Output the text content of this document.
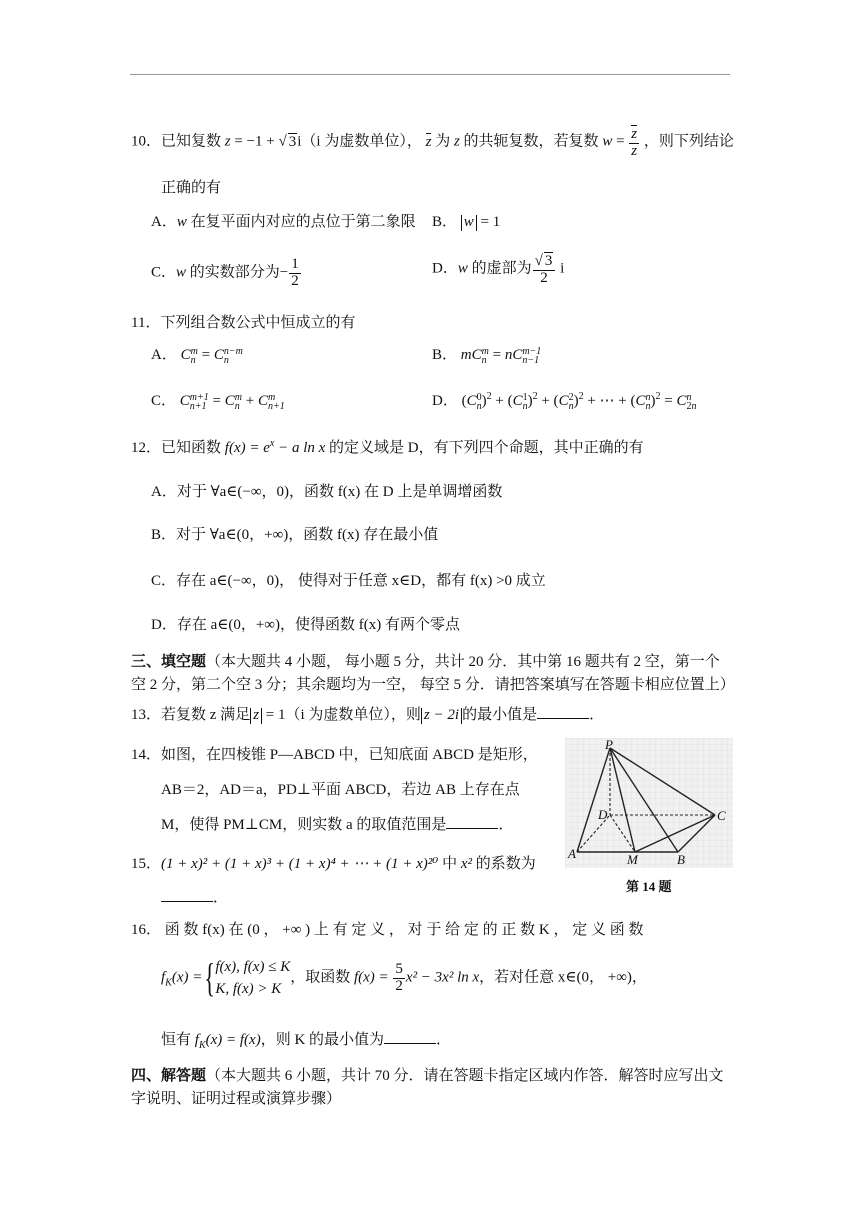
10．已知复数 z = −1 + √ 3i（i 为虚数单位）， z 为 z 的共轭复数，若复数 $w = \frac{z}{z}$ ，则下列结论
正确的有
A．w 在复平面内对应的点位于第二象限 B． w = 1
C．w 的实数部分为− $\frac{1}{2}$	D．w 的虚部为 $\frac{√ 3}{2}$ i
11．下列组合数公式中恒成立的有
A． Cm
n = Cn−m
n	B． mCm
n = nCm−1
n−1
C． Cm+1
n+1 = Cm
n + Cm
n+1	D． (C0
n)$^2$ + (C1
n)$^2$ + (C2
n)$^2$ + ⋯ + (Cn
n)$^2$ = Cn
2n
12．已知函数 $f(x) = e^x - a$ ln x 的定义域是 D，有下列四个命题，其中正确的有
A．对于 ∀a∈(−∞，0)，函数 f(x) 在 D 上是单调增函数
B．对于 ∀a∈(0，+∞)，函数 f(x) 存在最小值
C．存在 a∈(−∞，0)， 使得对于任意 x∈D，都有 f(x) >0 成立
D．存在 a∈(0，+∞)，使得函数 f(x) 有两个零点
三、填空题（本大题共 4 小题， 每小题 5 分，共计 20 分．其中第 16 题共有 2 空，第一个
空 2 分，第二个空 3 分；其余题均为一空， 每空 5 分．请把答案填写在答题卡相应位置上）
13．若复数 z 满足 z = 1（i 为虚数单位），则 z − 2i 的最小值是	．
14．如图，在四棱锥 P—ABCD 中，已知底面 ABCD 是矩形，
AB＝2，AD＝a，PD⊥平面 ABCD，若边 AB 上存在点
M，使得 PM⊥CM，则实数 a 的取值范围是	．
P
D	C
A	M	B
第 14 题
15．(1 + x)² + (1 + x)³ + (1 + x)⁴ + ⋯ + (1 + x)²⁰ 中 x² 的系数为
．
16． 函 数 f(x) 在 (0 ， +∞ ) 上 有 定 义 ， 对 于 给 定 的 正 数 K ， 定 义 函 数
$f_K(x) = \{f(x)$, f(x) ≤ K
K, f(x) > K，取函数 $f(x) = \frac{5}{2} x^2 - 3x^2$ ln x，若对任意 x∈(0， +∞)，
恒有 $f_K(x) = f(x)$，则 K 的最小值为	．
四、解答题（本大题共 6 小题，共计 70 分．请在答题卡指定区域内作答．解答时应写出文
字说明、证明过程或演算步骤）
